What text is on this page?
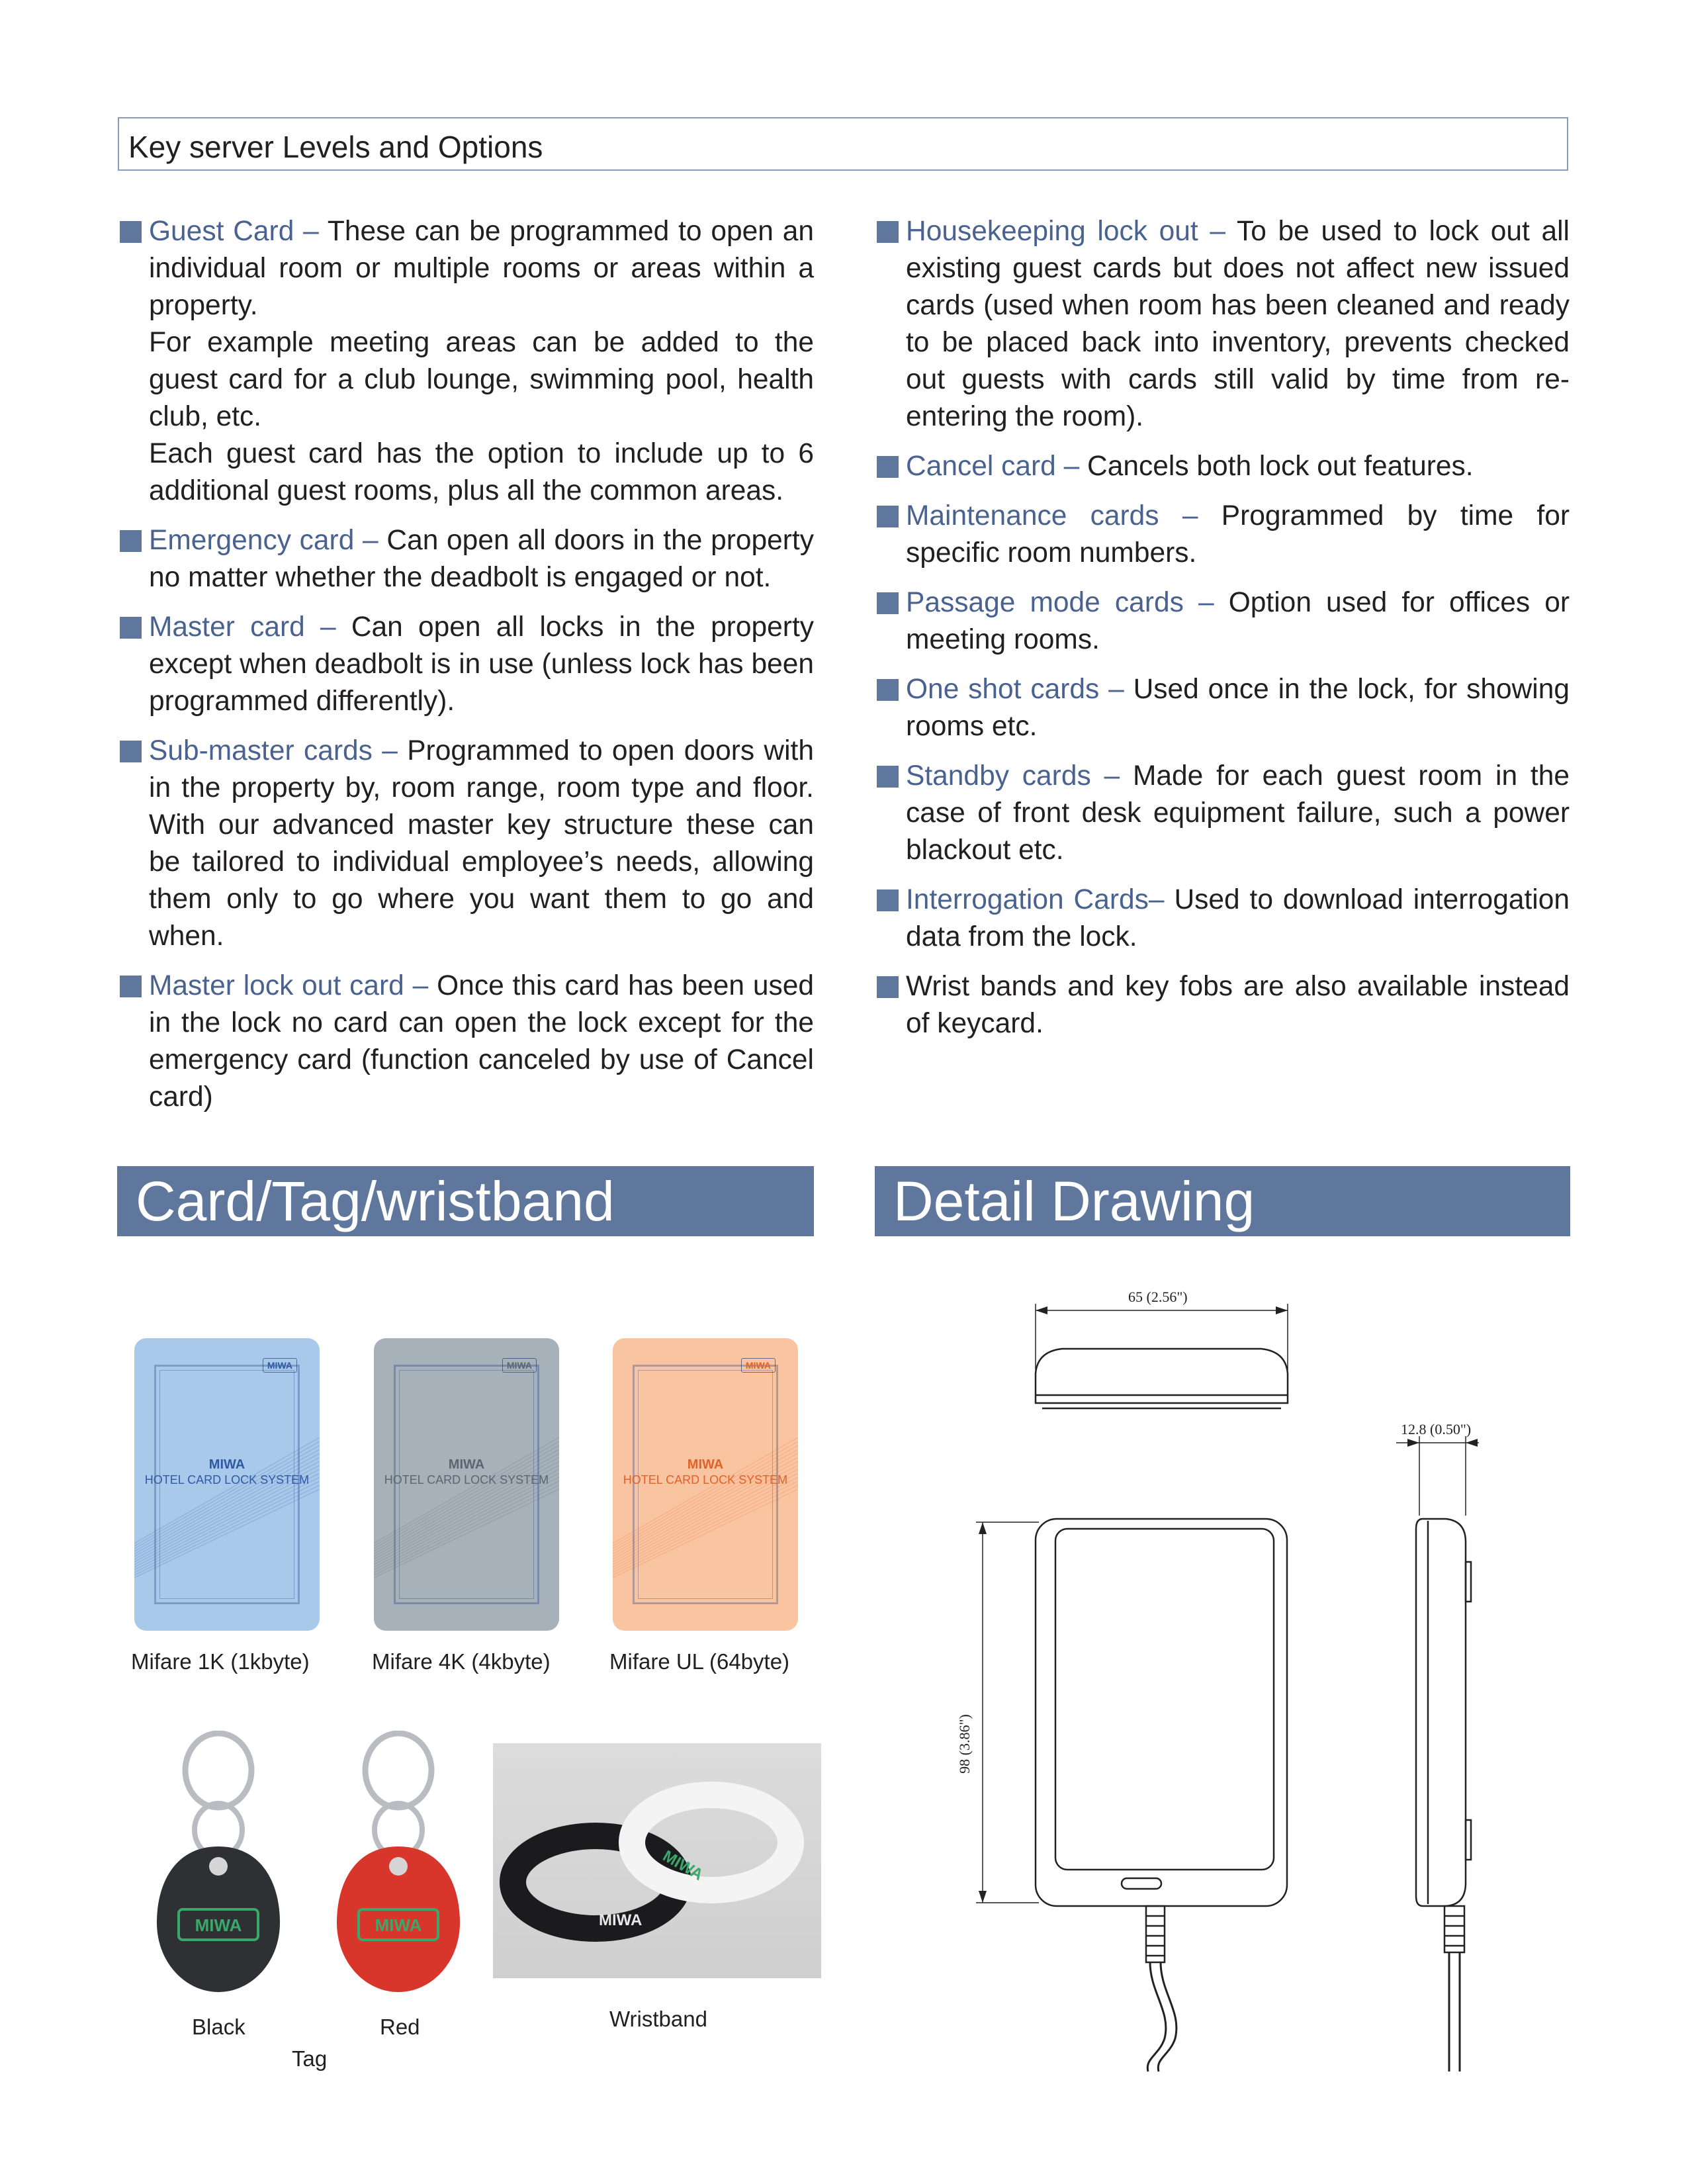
Key server Levels and Options

Guest Card – These can be programmed to open an individual room or multiple rooms or areas within a property.

For example meeting areas can be added to the guest card for a club lounge, swimming pool, health club, etc.

Each guest card has the option to include up to 6 additional guest rooms, plus all the common areas.

Emergency card – Can open all doors in the property no matter whether the deadbolt is engaged or not.

Master card – Can open all locks in the property except when deadbolt is in use (unless lock has been programmed differently).

Sub-master cards – Programmed to open doors with in the property by, room range, room type and floor. With our advanced master key structure these can be tailored to individual employee’s needs, allowing them only to go where you want them to go and when.

Master lock out card – Once this card has been used in the lock no card can open the lock except for the emergency card (function canceled by use of Cancel card)

Housekeeping lock out – To be used to lock out all existing guest cards but does not affect new issued cards (used when room has been cleaned and ready to be placed back into inventory, prevents checked out guests with cards still valid by time from re-entering the room).

Cancel card – Cancels both lock out features.

Maintenance cards – Programmed by time for specific room numbers.

Passage mode cards – Option used for offices or meeting rooms.

One shot cards – Used once in the lock, for showing rooms etc.

Standby cards – Made for each guest room in the case of front desk equipment failure, such a power blackout etc.

Interrogation Cards– Used to download interrogation data from the lock.

Wrist bands and key fobs are also available instead of keycard.

Card/Tag/wristband	Detail Drawing
MIWA
MIWA
HOTEL CARD LOCK SYSTEM
Mifare 1K (1kbyte)
MIWA
MIWA
HOTEL CARD LOCK SYSTEM
Mifare 4K (4kbyte)
MIWA
MIWA
HOTEL CARD LOCK SYSTEM
Mifare UL (64byte)
MIWA	MIWA	MIWA
MIWA
Black	Red
Tag
Wristband
65 (2.56")
12.8 (0.50")
98 (3.86")
